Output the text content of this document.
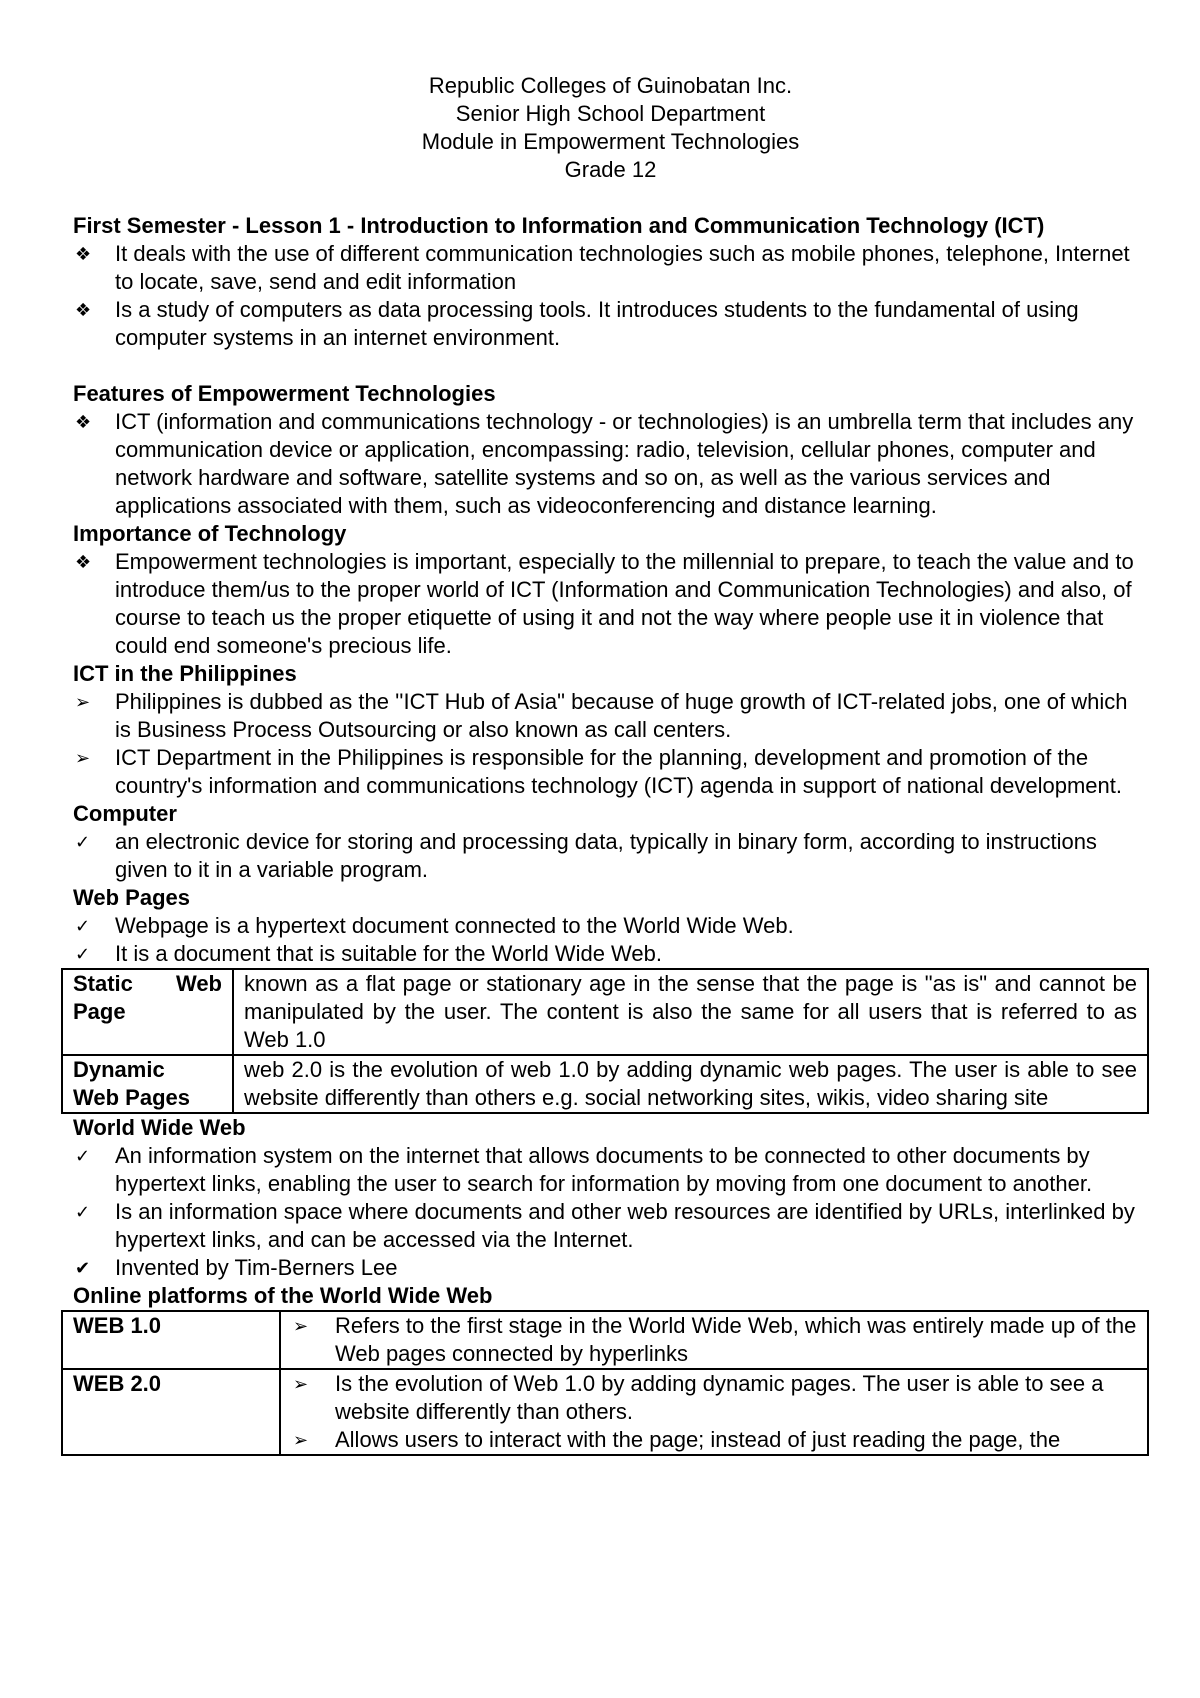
Republic Colleges of Guinobatan Inc.
Senior High School Department
Module in Empowerment Technologies
Grade 12
First Semester - Lesson 1 - Introduction to Information and Communication Technology (ICT)
❖	It deals with the use of different communication technologies such as mobile phones, telephone, Internet to locate, save, send and edit information
❖	Is a study of computers as data processing tools. It introduces students to the fundamental of using computer systems in an internet environment.
Features of Empowerment Technologies
❖	ICT (information and communications technology - or technologies) is an umbrella term that includes any communication device or application, encompassing: radio, television, cellular phones, computer and network hardware and software, satellite systems and so on, as well as the various services and applications associated with them, such as videoconferencing and distance learning.
Importance of Technology
❖	Empowerment technologies is important, especially to the millennial to prepare, to teach the value and to introduce them/us to the proper world of ICT (Information and Communication Technologies) and also, of course to teach us the proper etiquette of using it and not the way where people use it in violence that could end someone's precious life.
ICT in the Philippines
➢	Philippines is dubbed as the ''ICT Hub of Asia" because of huge growth of ICT-related jobs, one of which is Business Process Outsourcing or also known as call centers.
➢	ICT Department in the Philippines is responsible for the planning, development and promotion of the country's information and communications technology (ICT) agenda in support of national development.
Computer
✓	an electronic device for storing and processing data, typically in binary form, according to instructions given to it in a variable program.
Web Pages
✓	Webpage is a hypertext document connected to the World Wide Web.
✓	It is a document that is suitable for the World Wide Web.
Static Web
Page	known as a flat page or stationary age in the sense that the page is "as is" and cannot be manipulated by the user. The content is also the same for all users that is referred to as Web 1.0

Dynamic
Web Pages	web 2.0 is the evolution of web 1.0 by adding dynamic web pages. The user is able to see website differently than others e.g. social networking sites, wikis, video sharing site
World Wide Web
✓	An information system on the internet that allows documents to be connected to other documents by hypertext links, enabling the user to search for information by moving from one document to another.
✓	Is an information space where documents and other web resources are identified by URLs, interlinked by hypertext links, and can be accessed via the Internet.
✔	Invented by Tim-Berners Lee
Online platforms of the World Wide Web
WEB 1.0	➢ Refers to the first stage in the World Wide Web, which was entirely made up of the Web pages connected by hyperlinks

WEB 2.0	➢ Is the evolution of Web 1.0 by adding dynamic pages. The user is able to see a website differently than others.
➢ Allows users to interact with the page; instead of just reading the page, the
